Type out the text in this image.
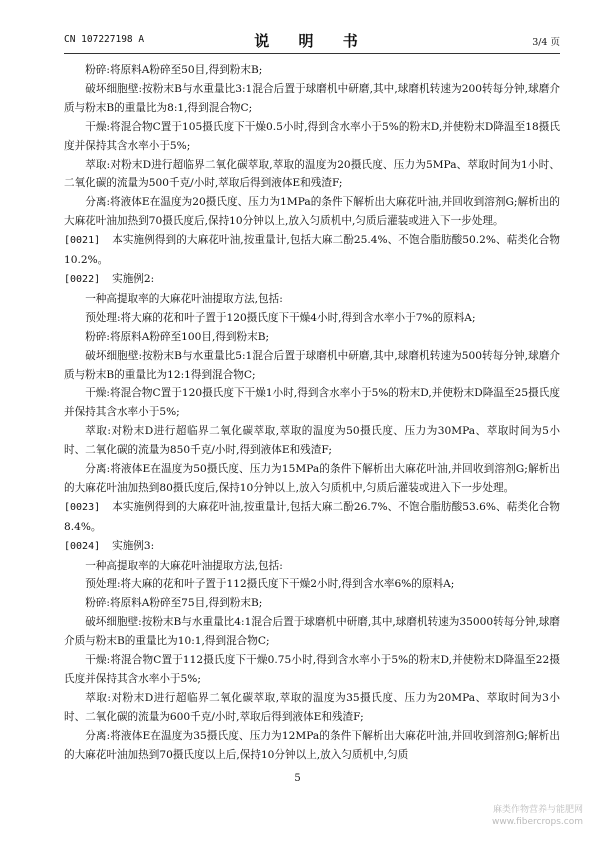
CN 107227198 A	说 明 书	3/4 页

粉碎:将原料A粉碎至50目,得到粉末B;

破坏细胞壁:按粉末B与水重量比3:1混合后置于球磨机中研磨,其中,球磨机转速为200转每分钟,球磨介质与粉末B的重量比为8:1,得到混合物C;

干燥:将混合物C置于105摄氏度下干燥0.5小时,得到含水率小于5%的粉末D,并使粉末D降温至18摄氏度并保持其含水率小于5%;

萃取:对粉末D进行超临界二氧化碳萃取,萃取的温度为20摄氏度、压力为5MPa、萃取时间为1小时、二氧化碳的流量为500千克/小时,萃取后得到液体E和残渣F;

分离:将液体E在温度为20摄氏度、压力为1MPa的条件下解析出大麻花叶油,并回收到溶剂G;解析出的大麻花叶油加热到70摄氏度后,保持10分钟以上,放入匀质机中,匀质后灌装或进入下一步处理。

[0021] 本实施例得到的大麻花叶油,按重量计,包括大麻二酚25.4%、不饱合脂肪酸50.2%、萜类化合物10.2%。

[0022] 实施例2:

一种高提取率的大麻花叶油提取方法,包括:

预处理:将大麻的花和叶子置于120摄氏度下干燥4小时,得到含水率小于7%的原料A;

粉碎:将原料A粉碎至100目,得到粉末B;

破坏细胞壁:按粉末B与水重量比5:1混合后置于球磨机中研磨,其中,球磨机转速为500转每分钟,球磨介质与粉末B的重量比为12:1得到混合物C;

干燥:将混合物C置于120摄氏度下干燥1小时,得到含水率小于5%的粉末D,并使粉末D降温至25摄氏度并保持其含水率小于5%;

萃取:对粉末D进行超临界二氧化碳萃取,萃取的温度为50摄氏度、压力为30MPa、萃取时间为5小时、二氧化碳的流量为850千克/小时,得到液体E和残渣F;

分离:将液体E在温度为50摄氏度、压力为15MPa的条件下解析出大麻花叶油,并回收到溶剂G;解析出的大麻花叶油加热到80摄氏度后,保持10分钟以上,放入匀质机中,匀质后灌装或进入下一步处理。

[0023] 本实施例得到的大麻花叶油,按重量计,包括大麻二酚26.7%、不饱合脂肪酸53.6%、萜类化合物8.4%。

[0024] 实施例3:

一种高提取率的大麻花叶油提取方法,包括:

预处理:将大麻的花和叶子置于112摄氏度下干燥2小时,得到含水率6%的原料A;

粉碎:将原料A粉碎至75目,得到粉末B;

破坏细胞壁:按粉末B与水重量比4:1混合后置于球磨机中研磨,其中,球磨机转速为35000转每分钟,球磨介质与粉末B的重量比为10:1,得到混合物C;

干燥:将混合物C置于112摄氏度下干燥0.75小时,得到含水率小于5%的粉末D,并使粉末D降温至22摄氏度并保持其含水率小于5%;

萃取:对粉末D进行超临界二氧化碳萃取,萃取的温度为35摄氏度、压力为20MPa、萃取时间为3小时、二氧化碳的流量为600千克/小时,萃取后得到液体E和残渣F;

分离:将液体E在温度为35摄氏度、压力为12MPa的条件下解析出大麻花叶油,并回收到溶剂G;解析出的大麻花叶油加热到70摄氏度以上后,保持10分钟以上,放入匀质机中,匀质

5
麻类作物营养与能肥网
www.fibercrops.com
